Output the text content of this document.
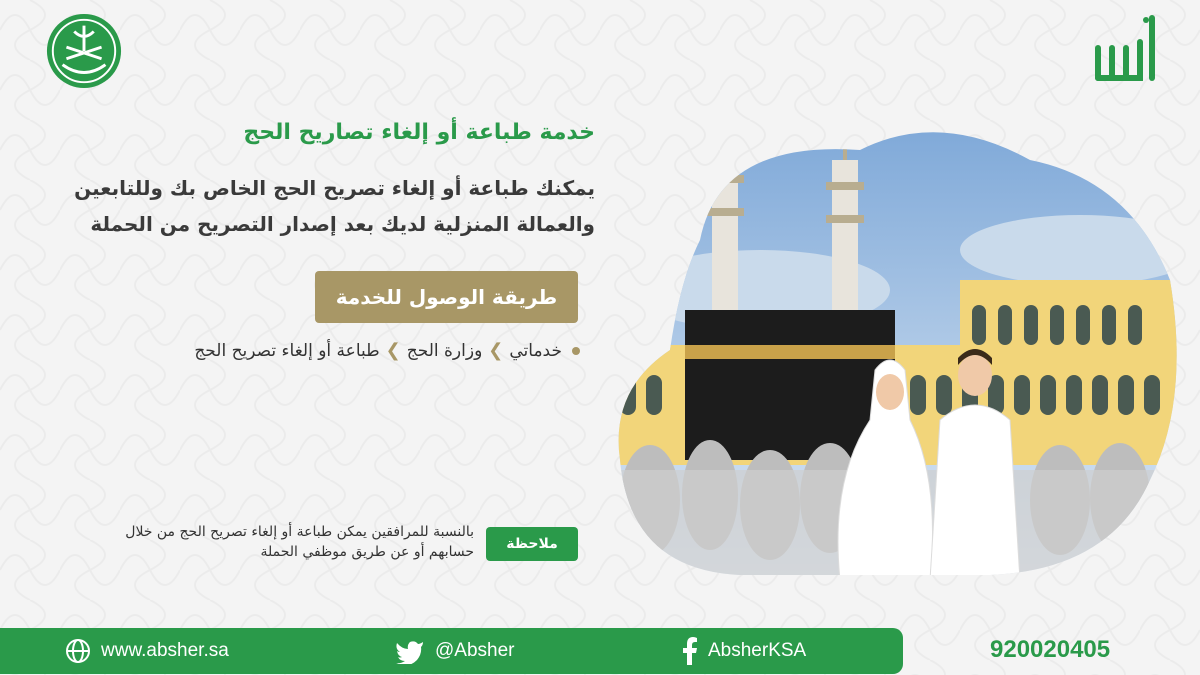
خدمة طباعة أو إلغاء تصاريح الحج
يمكنك طباعة أو إلغاء تصريح الحج الخاص بك وللتابعين
والعمالة المنزلية لديك بعد إصدار التصريح من الحملة
طريقة الوصول للخدمة
خدماتي
❮
وزارة الحج
❮
طباعة أو إلغاء تصريح الحج
ملاحظة
بالنسبة للمرافقين يمكن طباعة أو إلغاء تصريح الحج من خلال
حسابهم أو عن طريق موظفي الحملة
www.absher.sa	@Absher	AbsherKSA	920020405
